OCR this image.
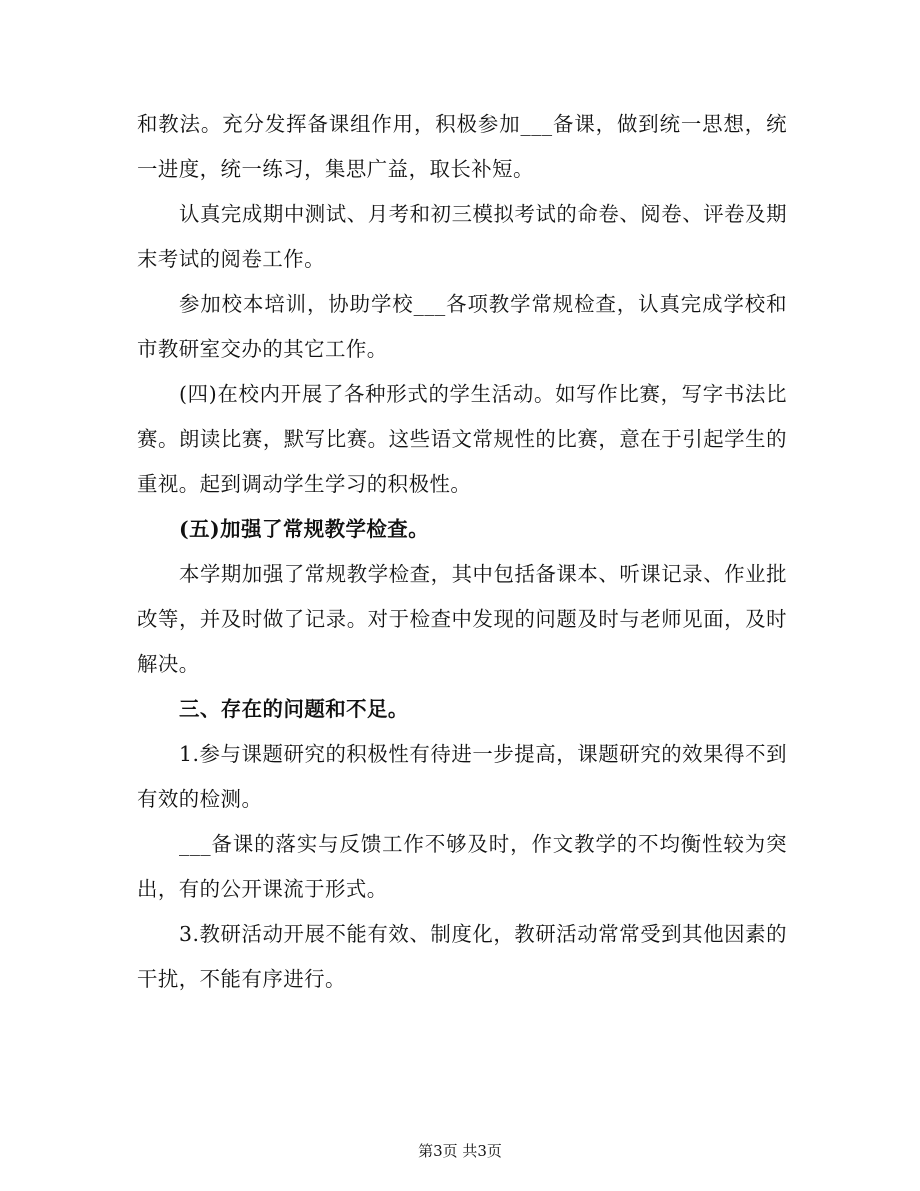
和教法。充分发挥备课组作用，积极参加___备课，做到统一思想，统一进度，统一练习，集思广益，取长补短。

认真完成期中测试、月考和初三模拟考试的命卷、阅卷、评卷及期末考试的阅卷工作。

参加校本培训，协助学校___各项教学常规检查，认真完成学校和市教研室交办的其它工作。

(四)在校内开展了各种形式的学生活动。如写作比赛，写字书法比赛。朗读比赛，默写比赛。这些语文常规性的比赛，意在于引起学生的重视。起到调动学生学习的积极性。

(五)加强了常规教学检查。

本学期加强了常规教学检查，其中包括备课本、听课记录、作业批改等，并及时做了记录。对于检查中发现的问题及时与老师见面，及时解决。

三、存在的问题和不足。

1.参与课题研究的积极性有待进一步提高，课题研究的效果得不到有效的检测。

___备课的落实与反馈工作不够及时，作文教学的不均衡性较为突出，有的公开课流于形式。

3.教研活动开展不能有效、制度化，教研活动常常受到其他因素的干扰，不能有序进行。

第3页 共3页
